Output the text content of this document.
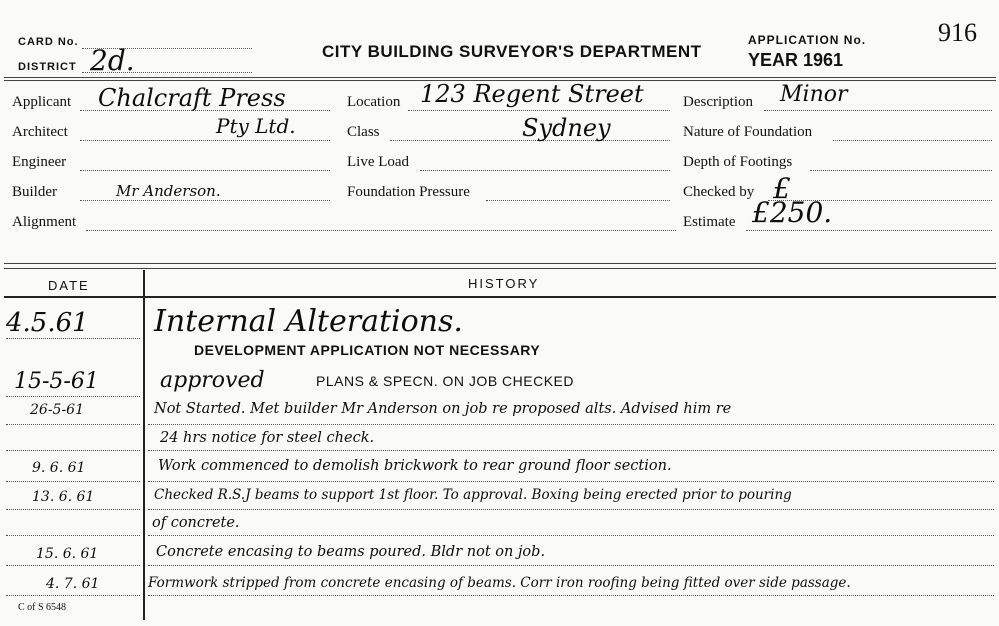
CARD No.
DISTRICT 2d.	CITY BUILDING SURVEYOR'S DEPARTMENT
APPLICATION No.
YEAR 1961
916
Applicant Chalcraft Press
Architect	Pty Ltd.
Engineer
Builder	Mr Anderson.
Alignment
Location 123 Regent Street
Class	Sydney
Live Load
Foundation Pressure
Description Minor
Nature of Foundation
Depth of Footings
Checked by £
Estimate £250.
DATE	HISTORY
4.5.61 Internal Alterations.
DEVELOPMENT APPLICATION NOT NECESSARY
15-5-61	approved	PLANS & SPECN. ON JOB CHECKED
26-5-61	Not Started. Met builder Mr Anderson on job re proposed alts. Advised him re
24 hrs notice for steel check.
9. 6. 61	Work commenced to demolish brickwork to rear ground floor section.
13. 6. 61	Checked R.S.J beams to support 1st floor. To approval. Boxing being erected prior to pouring
of concrete.
15. 6. 61	Concrete encasing to beams poured. Bldr not on job.
4. 7. 61	Formwork stripped from concrete encasing of beams. Corr iron roofing being fitted over side passage.
C of S 6548
